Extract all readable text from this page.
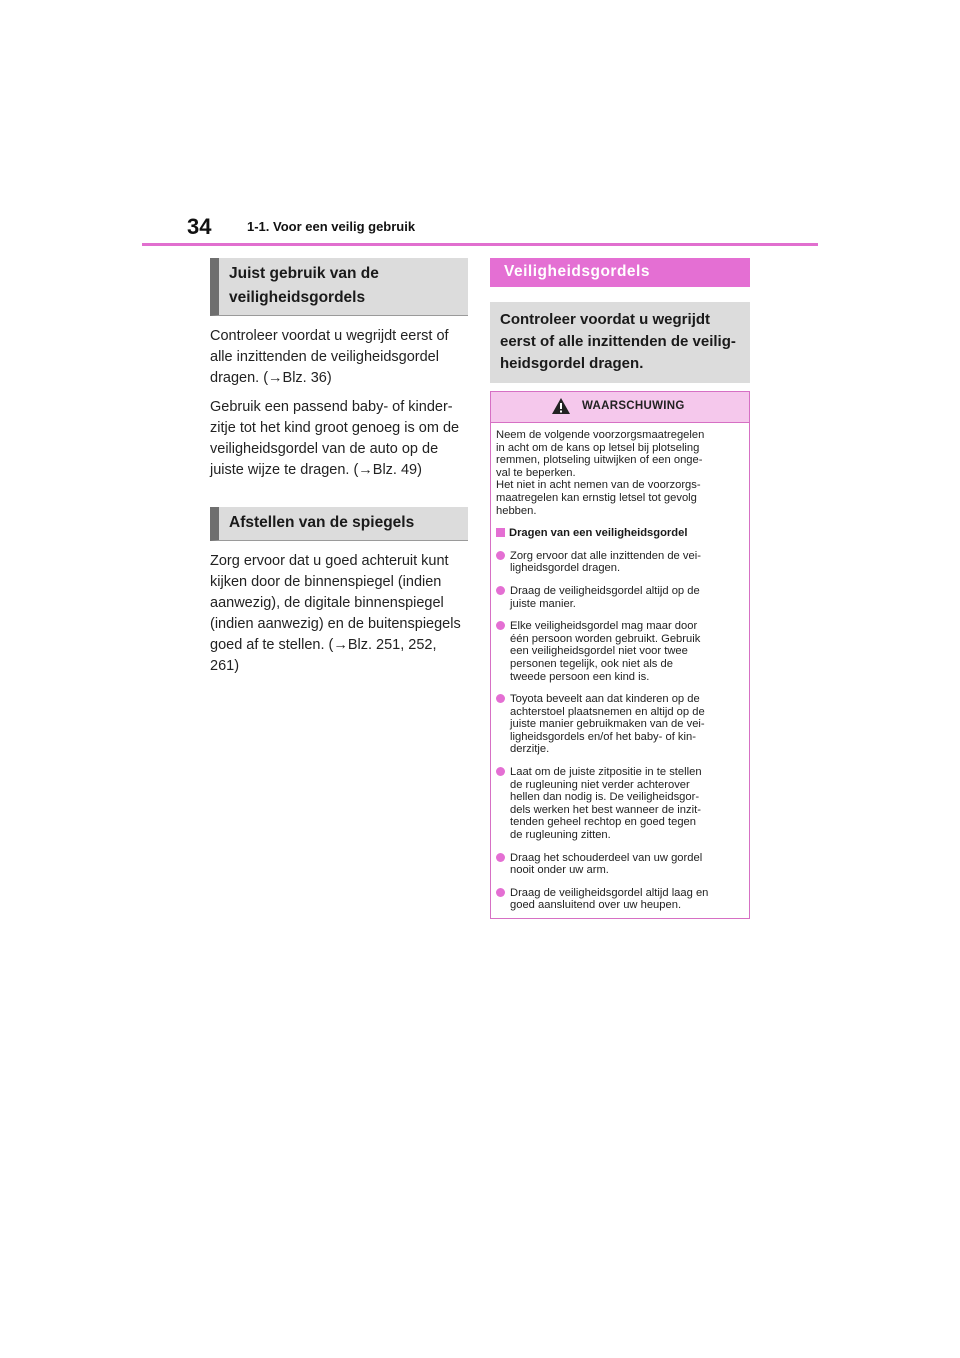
34	1-1. Voor een veilig gebruik
Juist gebruik van de
veiligheidsgordels
Controleer voordat u wegrijdt eerst of
alle inzittenden de veiligheidsgordel
dragen. (→Blz. 36)
Gebruik een passend baby- of kinder-
zitje tot het kind groot genoeg is om de
veiligheidsgordel van de auto op de
juiste wijze te dragen. (→Blz. 49)
Afstellen van de spiegels
Zorg ervoor dat u goed achteruit kunt
kijken door de binnenspiegel (indien
aanwezig), de digitale binnenspiegel
(indien aanwezig) en de buitenspiegels
goed af te stellen. (→Blz. 251, 252,
261)
Veiligheidsgordels
Controleer voordat u wegrijdt
eerst of alle inzittenden de veilig-
heidsgordel dragen.
WAARSCHUWING
Neem de volgende voorzorgsmaatregelen
in acht om de kans op letsel bij plotseling
remmen, plotseling uitwijken of een onge-
val te beperken.
Het niet in acht nemen van de voorzorgs-
maatregelen kan ernstig letsel tot gevolg
hebben.
Dragen van een veiligheidsgordel
Zorg ervoor dat alle inzittenden de vei-
ligheidsgordel dragen.
Draag de veiligheidsgordel altijd op de
juiste manier.
Elke veiligheidsgordel mag maar door
één persoon worden gebruikt. Gebruik
een veiligheidsgordel niet voor twee
personen tegelijk, ook niet als de
tweede persoon een kind is.
Toyota beveelt aan dat kinderen op de
achterstoel plaatsnemen en altijd op de
juiste manier gebruikmaken van de vei-
ligheidsgordels en/of het baby- of kin-
derzitje.
Laat om de juiste zitpositie in te stellen
de rugleuning niet verder achterover
hellen dan nodig is. De veiligheidsgor-
dels werken het best wanneer de inzit-
tenden geheel rechtop en goed tegen
de rugleuning zitten.
Draag het schouderdeel van uw gordel
nooit onder uw arm.
Draag de veiligheidsgordel altijd laag en
goed aansluitend over uw heupen.
